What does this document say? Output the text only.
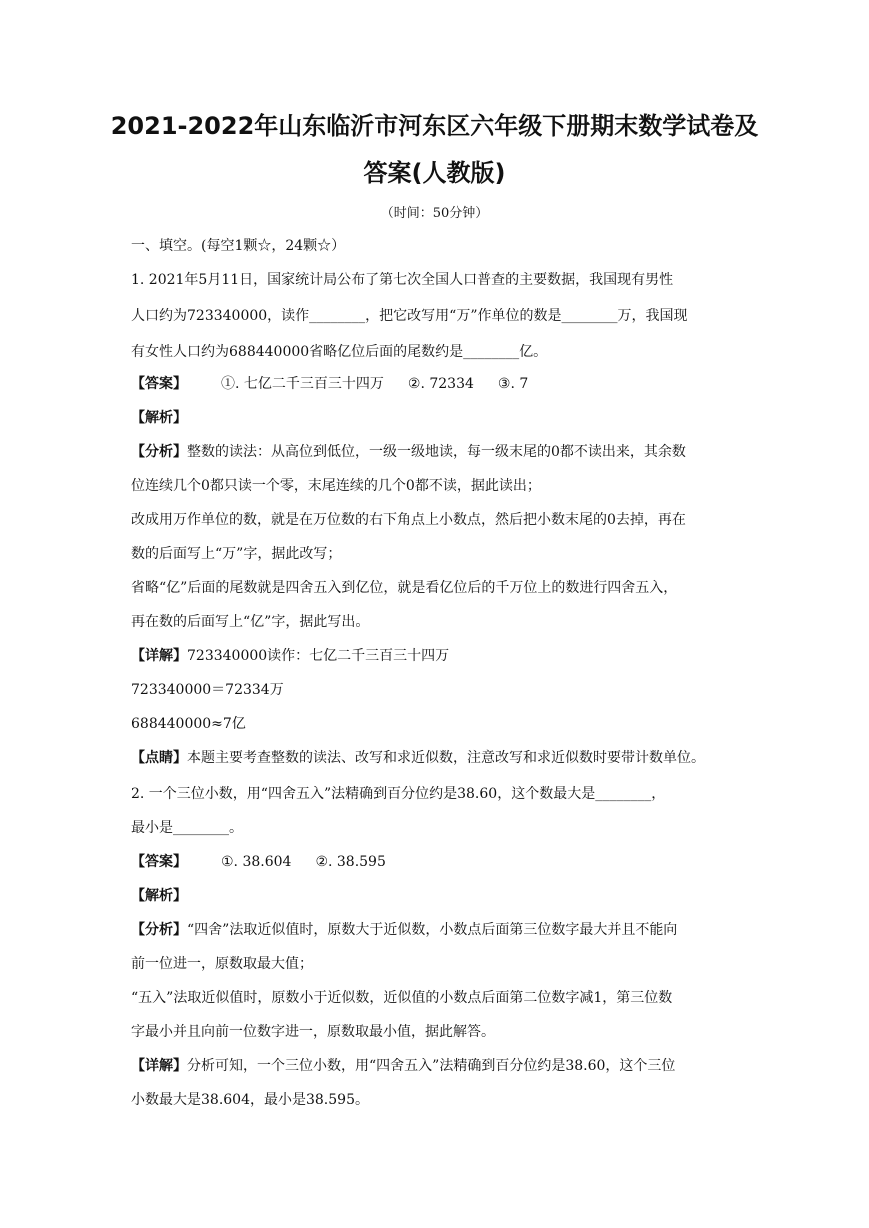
2021-2022年山东临沂市河东区六年级下册期末数学试卷及
答案(人教版)
（时间：50分钟）
一、填空。(每空1颗☆，24颗☆）
1. 2021年5月11日，国家统计局公布了第七次全国人口普查的主要数据，我国现有男性
人口约为723340000，读作________，把它改写用“万”作单位的数是________万，我国现
有女性人口约为688440000省略亿位后面的尾数约是________亿。
【答案】 ①. 七亿二千三百三十四万 ②. 72334 ③. 7
【解析】
【分析】整数的读法：从高位到低位，一级一级地读，每一级末尾的0都不读出来，其余数
位连续几个0都只读一个零，末尾连续的几个0都不读，据此读出；
改成用万作单位的数，就是在万位数的右下角点上小数点，然后把小数末尾的0去掉，再在
数的后面写上“万”字，据此改写；
省略“亿”后面的尾数就是四舍五入到亿位，就是看亿位后的千万位上的数进行四舍五入，
再在数的后面写上“亿”字，据此写出。
【详解】723340000读作：七亿二千三百三十四万
723340000＝72334万
688440000≈7亿
【点睛】本题主要考查整数的读法、改写和求近似数，注意改写和求近似数时要带计数单位。
2. 一个三位小数，用“四舍五入”法精确到百分位约是38.60，这个数最大是________，
最小是________。
【答案】 ①. 38.604 ②. 38.595
【解析】
【分析】“四舍”法取近似值时，原数大于近似数，小数点后面第三位数字最大并且不能向
前一位进一，原数取最大值；
“五入”法取近似值时，原数小于近似数，近似值的小数点后面第二位数字减1，第三位数
字最小并且向前一位数字进一，原数取最小值，据此解答。
【详解】分析可知，一个三位小数，用“四舍五入”法精确到百分位约是38.60，这个三位
小数最大是38.604，最小是38.595。
